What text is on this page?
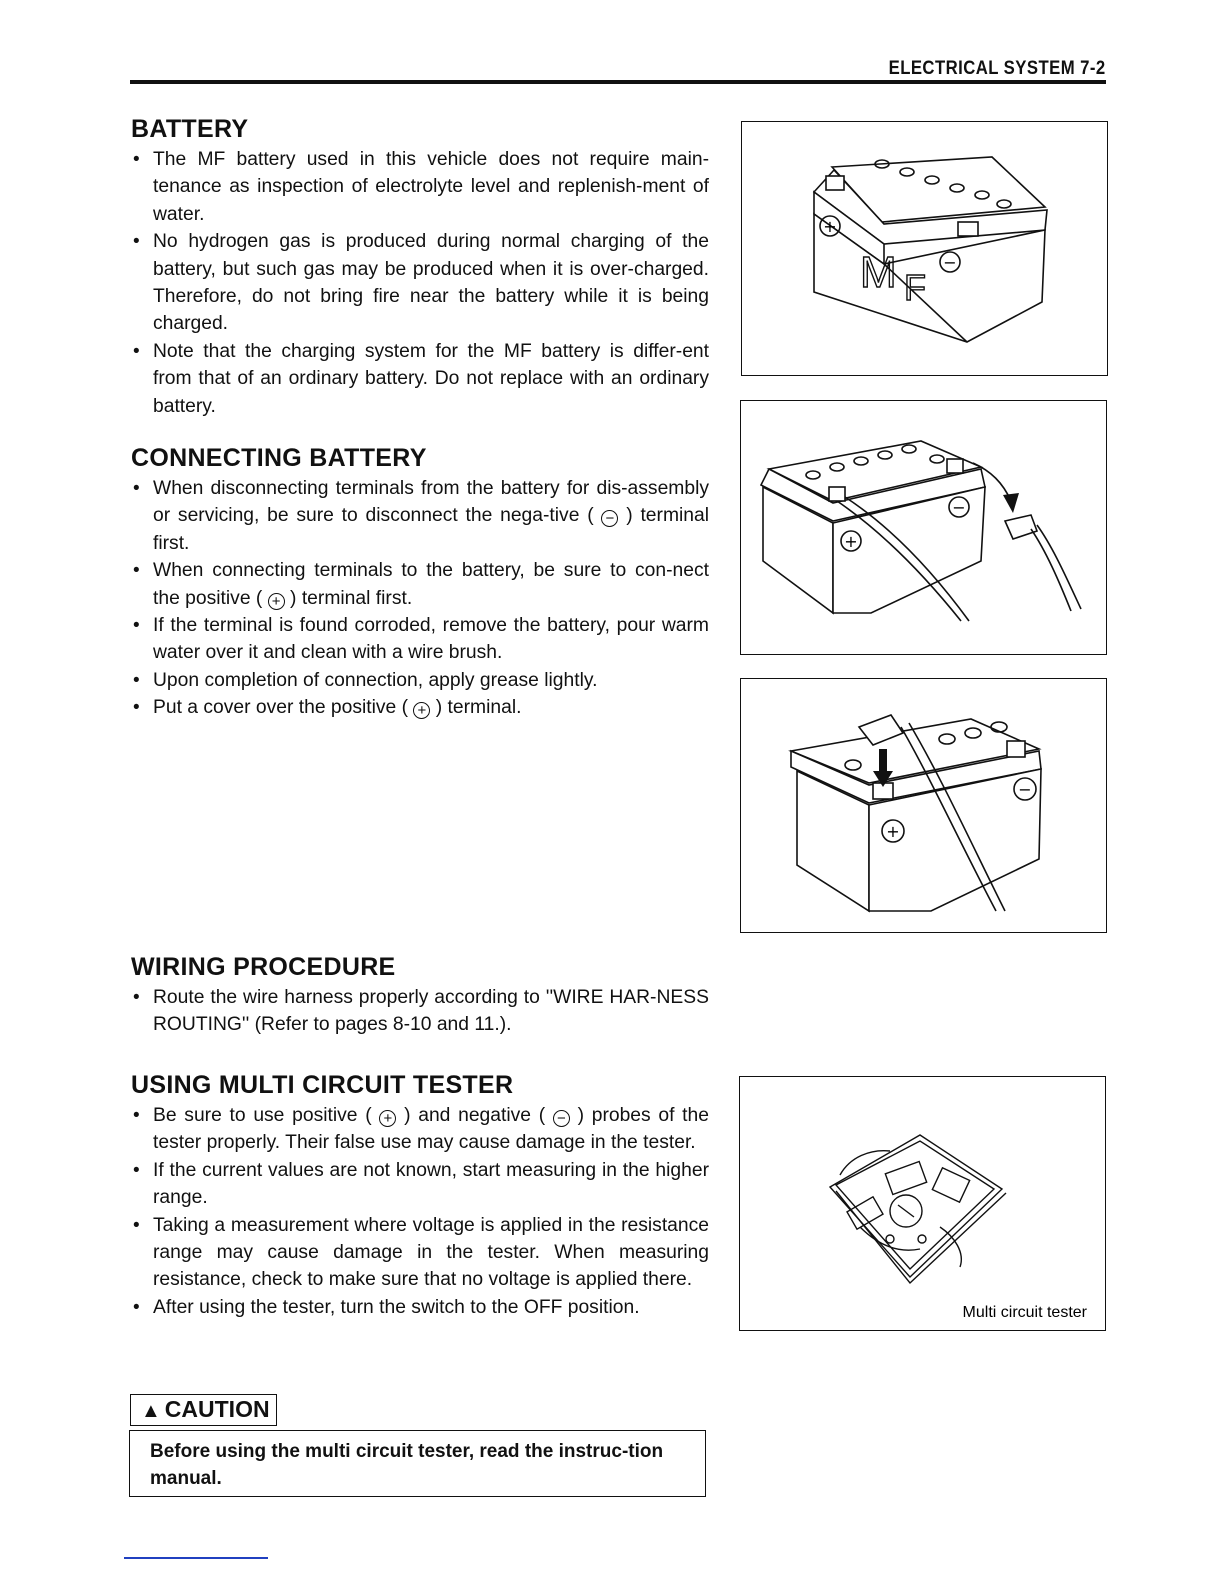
ELECTRICAL SYSTEM 7-2
BATTERY
• The MF battery used in this vehicle does not require main-tenance as inspection of electrolyte level and replenish-ment of water.
• No hydrogen gas is produced during normal charging of the battery, but such gas may be produced when it is over-charged. Therefore, do not bring fire near the battery while it is being charged.
• Note that the charging system for the MF battery is differ-ent from that of an ordinary battery. Do not replace with an ordinary battery.
CONNECTING BATTERY
• When disconnecting terminals from the battery for dis-assembly or servicing, be sure to disconnect the nega-tive ( − ) terminal first.
• When connecting terminals to the battery, be sure to con-nect the positive ( + ) terminal first.
• If the terminal is found corroded, remove the battery, pour warm water over it and clean with a wire brush.
• Upon completion of connection, apply grease lightly.
• Put a cover over the positive ( + ) terminal.
WIRING PROCEDURE
• Route the wire harness properly according to ''WIRE HAR-NESS ROUTING'' (Refer to pages 8-10 and 11.).
USING MULTI CIRCUIT TESTER
• Be sure to use positive ( + ) and negative ( − ) probes of the tester properly. Their false use may cause damage in the tester.
• If the current values are not known, start measuring in the higher range.
• Taking a measurement where voltage is applied in the resistance range may cause damage in the tester. When measuring resistance, check to make sure that no voltage is applied there.
• After using the tester, turn the switch to the OFF position.
▲ CAUTION
Before using the multi circuit tester, read the instruc-tion manual.
+
−
M F
+
−
+
−
Multi circuit tester
